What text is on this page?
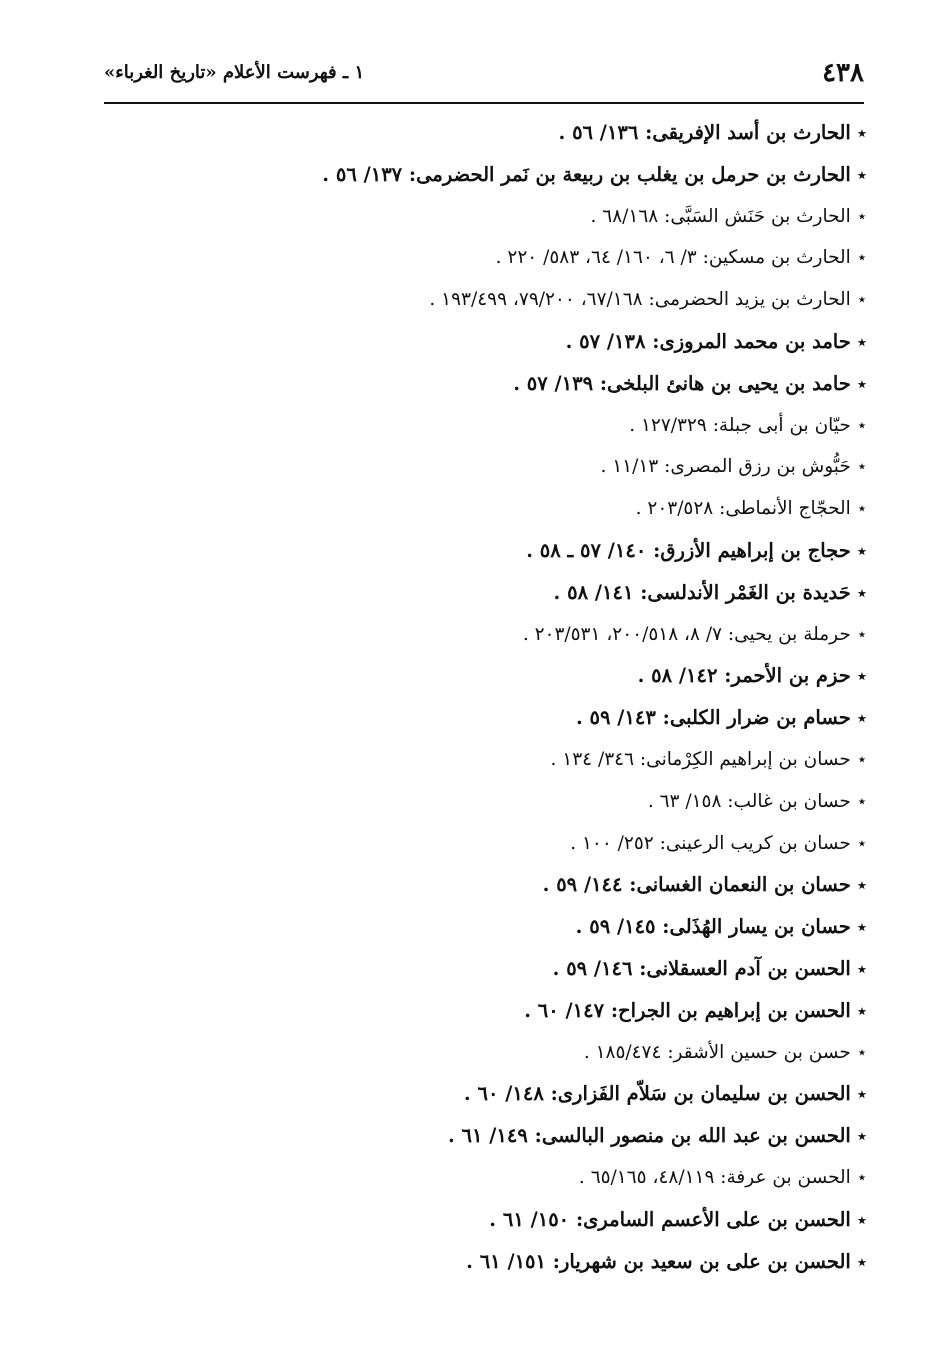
٤٣٨
١ ـ فهرست الأعلام «تاريخ الغرباء»
٭الحارث بن أسد الإفريقى: ١٣٦/ ٥٦ .
٭الحارث بن حرمل بن يغلب بن ربيعة بن نَمر الحضرمى: ١٣٧/ ٥٦ .
٭الحارث بن حَنَش السَبَّى: ٦٨/١٦٨ .
٭الحارث بن مسكين: ٣/ ٦، ١٦٠/ ٦٤، ٥٨٣/ ٢٢٠ .
٭الحارث بن يزيد الحضرمى: ٦٧/١٦٨، ٧٩/٢٠٠، ١٩٣/٤٩٩ .
٭حامد بن محمد المروزى: ١٣٨/ ٥٧ .
٭حامد بن يحيى بن هانئ البلخى: ١٣٩/ ٥٧ .
٭حيّان بن أبى جبلة: ١٢٧/٣٢٩ .
٭حَبُّوش بن رزق المصرى: ١١/١٣ .
٭الحجّاج الأنماطى: ٢٠٣/٥٢٨ .
٭حجاج بن إبراهيم الأزرق: ١٤٠/ ٥٧ ـ ٥٨ .
٭حَديدة بن الغَمْر الأندلسى: ١٤١/ ٥٨ .
٭حرملة بن يحيى: ٧/ ٨، ٢٠٠/٥١٨، ٢٠٣/٥٣١ .
٭حزم بن الأحمر: ١٤٢/ ٥٨ .
٭حسام بن ضرار الكلبى: ١٤٣/ ٥٩ .
٭حسان بن إبراهيم الكِرْمانى: ٣٤٦/ ١٣٤ .
٭حسان بن غالب: ١٥٨/ ٦٣ .
٭حسان بن كريب الرعينى: ٢٥٢/ ١٠٠ .
٭حسان بن النعمان الغسانى: ١٤٤/ ٥٩ .
٭حسان بن يسار الهُذَلى: ١٤٥/ ٥٩ .
٭الحسن بن آدم العسقلانى: ١٤٦/ ٥٩ .
٭الحسن بن إبراهيم بن الجراح: ١٤٧/ ٦٠ .
٭حسن بن حسين الأشقر: ١٨٥/٤٧٤ .
٭الحسن بن سليمان بن سَلاّم الفَزارى: ١٤٨/ ٦٠ .
٭الحسن بن عبد الله بن منصور البالسى: ١٤٩/ ٦١ .
٭الحسن بن عرفة: ٤٨/١١٩، ٦٥/١٦٥ .
٭الحسن بن على الأعسم السامرى: ١٥٠/ ٦١ .
٭الحسن بن على بن سعيد بن شهريار: ١٥١/ ٦١ .
